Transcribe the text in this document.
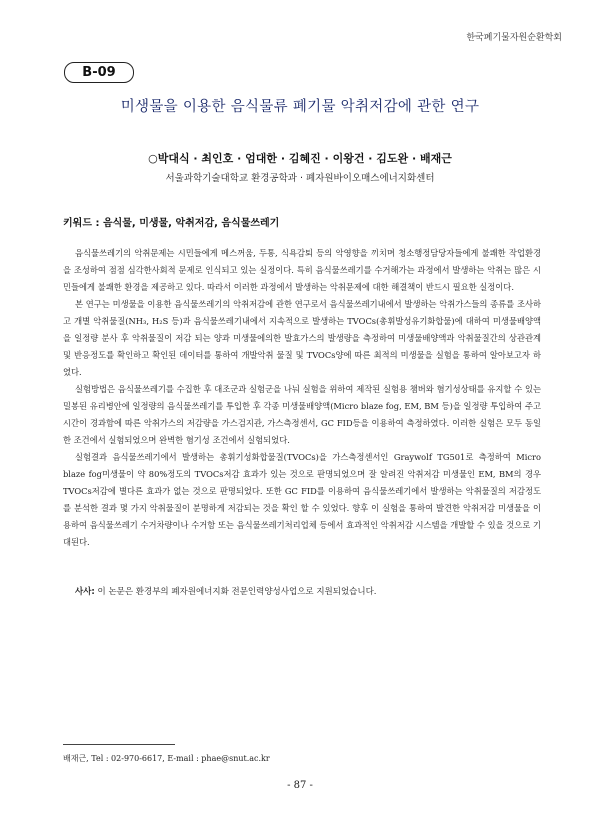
한국폐기물자원순환학회
B-09
미생물을 이용한 음식물류 폐기물 악취저감에 관한 연구
○박대식 · 최인호 · 엄대한 · 김혜진 · 이왕건 · 김도완 · 배재근
서울과학기술대학교 환경공학과 · 폐자원바이오매스에너지화센터
키워드 : 음식물, 미생물, 악취저감, 음식물쓰레기

음식물쓰레기의 악취문제는 시민들에게 메스꺼움, 두통, 식욕감퇴 등의 악영향을 끼치며 청소행정담당자들에게 불쾌한 작업환경을 조성하여 점점 심각한사회적 문제로 인식되고 있는 실정이다. 특히 음식물쓰레기를 수거해가는 과정에서 발생하는 악취는 많은 시민들에게 불쾌한 환경을 제공하고 있다. 따라서 이러한 과정에서 발생하는 악취문제에 대한 해결책이 반드시 필요한 실정이다.

본 연구는 미생물을 이용한 음식물쓰레기의 악취저감에 관한 연구로서 음식물쓰레기내에서 발생하는 악취가스들의 종류를 조사하고 개별 악취물질(NH₃, H₂S 등)과 음식물쓰레기내에서 지속적으로 발생하는 TVOCs(총휘발성유기화합물)에 대하여 미생물배양액을 일정량 분사 후 악취물질이 저감 되는 양과 미생물에의한 발효가스의 발생량을 측정하여 미생물배양액과 악취물질간의 상관관계 및 반응정도를 확인하고 확인된 데이터를 통하여 개발악취 물질 및 TVOCs양에 따른 최적의 미생물을 실험을 통하여 알아보고자 하였다.

실험방법은 음식물쓰레기를 수집한 후 대조군과 실험군을 나눠 실험을 위하여 제작된 실험용 챔버와 혐기성상태를 유지할 수 있는 밀봉된 유리병안에 일정량의 음식물쓰레기를 투입한 후 각종 미생물배양액(Micro blaze fog, EM, BM 등)을 일정량 투입하여 주고 시간이 경과함에 따른 악취가스의 저감량을 가스검지관, 가스측정센서, GC FID등을 이용하여 측정하였다. 이러한 실험은 모두 동일한 조건에서 실험되었으며 완벽한 혐기성 조건에서 실험되었다.

실험결과 음식물쓰레기에서 발생하는 총휘기성화합물질(TVOCs)을 가스측정센서인 Graywolf TG501로 측정하여 Micro blaze fog미생물이 약 80%정도의 TVOCs저감 효과가 있는 것으로 판명되었으며 잘 알려진 악취저감 미생물인 EM, BM의 경우 TVOCs저감에 별다른 효과가 없는 것으로 판명되었다. 또한 GC FID를 이용하여 음식물쓰레기에서 발생하는 악취물질의 저감정도를 분석한 결과 몇 가지 악취물질이 분명하게 저감되는 것을 확인 할 수 있었다. 향후 이 실험을 통하여 발견한 악취저감 미생물을 이용하여 음식물쓰레기 수거차량이나 수거함 또는 음식물쓰레기처리업체 등에서 효과적인 악취저감 시스템을 개발할 수 있을 것으로 기대된다.

사사: 이 논문은 환경부의 폐자원에너지화 전문인력양성사업으로 지원되었습니다.
배재근, Tel : 02-970-6617, E-mail : phae@snut.ac.kr
- 87 -
